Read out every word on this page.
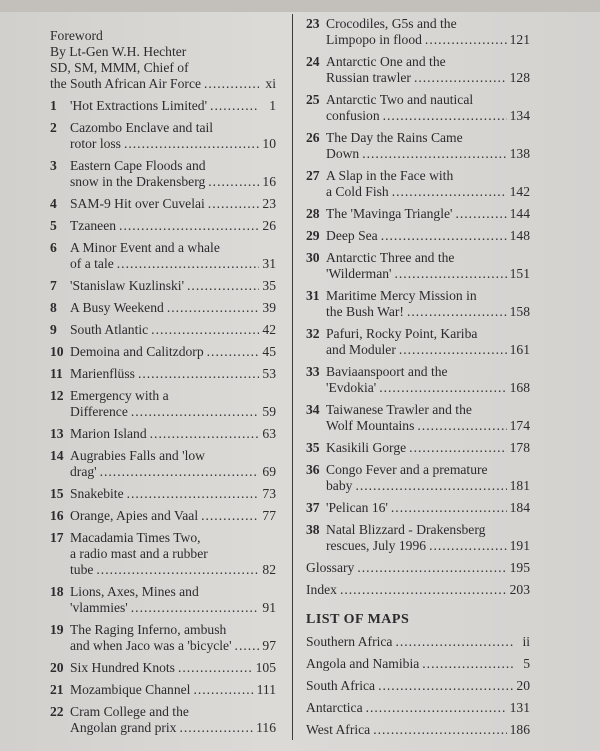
Foreword
By Lt-Gen W.H. Hechter
SD, SM, MMM, Chief of
the South African Air Force .....	xi
1 'Hot Extractions Limited' .....	1
2 Cazombo Enclave and tail
rotor loss .....	10
3 Eastern Cape Floods and
snow in the Drakensberg .....	16
4 SAM-9 Hit over Cuvelai .....	23
5 Tzaneen .....	26
6 A Minor Event and a whale
of a tale .....	31
7 'Stanislaw Kuzlinski' .....	35
8 A Busy Weekend .....	39
9 South Atlantic .....	42
10 Demoina and Calitzdorp .....	45
11 Marienflüss .....	53
12 Emergency with a
Difference .....	59
13 Marion Island .....	63
14 Augrabies Falls and 'low
drag' .....	69
15 Snakebite .....	73
16 Orange, Apies and Vaal .....	77
17 Macadamia Times Two,
a radio mast and a rubber
tube .....	82
18 Lions, Axes, Mines and
'vlammies' .....	91
19 The Raging Inferno, ambush
and when Jaco was a 'bicycle' ..... 97
20 Six Hundred Knots .....	105
21 Mozambique Channel .....	111
22 Cram College and the
Angolan grand prix .....	116
23 Crocodiles, G5s and the
Limpopo in flood .....	121
24 Antarctic One and the
Russian trawler .....	128
25 Antarctic Two and nautical
confusion .....	134
26 The Day the Rains Came
Down .....	138
27 A Slap in the Face with
a Cold Fish .....	142
28 The 'Mavinga Triangle' .....	144
29 Deep Sea .....	148
30 Antarctic Three and the
'Wilderman' .....	151
31 Maritime Mercy Mission in
the Bush War! .....	158
32 Pafuri, Rocky Point, Kariba
and Moduler .....	161
33 Baviaanspoort and the
'Evdokia' .....	168
34 Taiwanese Trawler and the
Wolf Mountains .....	174
35 Kasikili Gorge .....	178
36 Congo Fever and a premature
baby .....	181
37 'Pelican 16' .....	184
38 Natal Blizzard - Drakensberg
rescues, July 1996 .....	191
Glossary .....	195
Index .....	203
LIST OF MAPS
Southern Africa .....	ii
Angola and Namibia .....	5
South Africa .....	20
Antarctica .....	131
West Africa .....	186
